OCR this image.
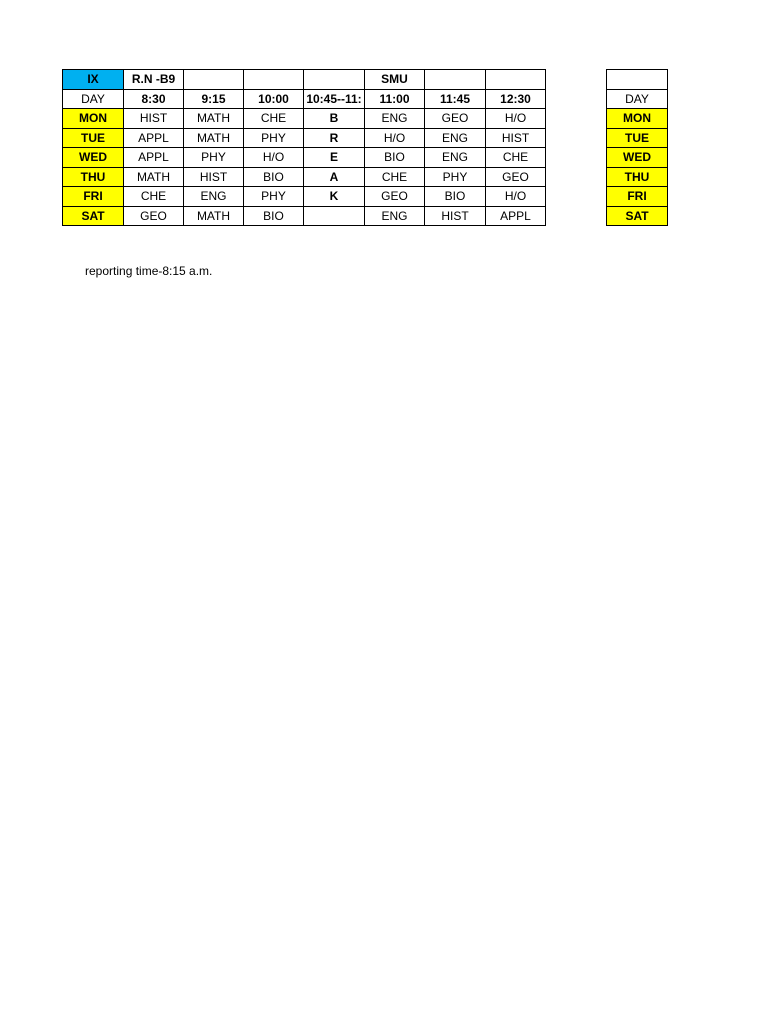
IX	R.N -B9				SMU		
DAY	8:30	9:15	10:00	10:45--11:	11:00	11:45	12:30
MON	HIST	MATH	CHE	B	ENG	GEO	H/O
TUE	APPL	MATH	PHY	R	H/O	ENG	HIST
WED	APPL	PHY	H/O	E	BIO	ENG	CHE
THU	MATH	HIST	BIO	A	CHE	PHY	GEO
FRI	CHE	ENG	PHY	K	GEO	BIO	H/O
SAT	GEO	MATH	BIO		ENG	HIST	APPL

DAY
MON
TUE
WED
THU
FRI
SAT
reporting time-8:15 a.m.
